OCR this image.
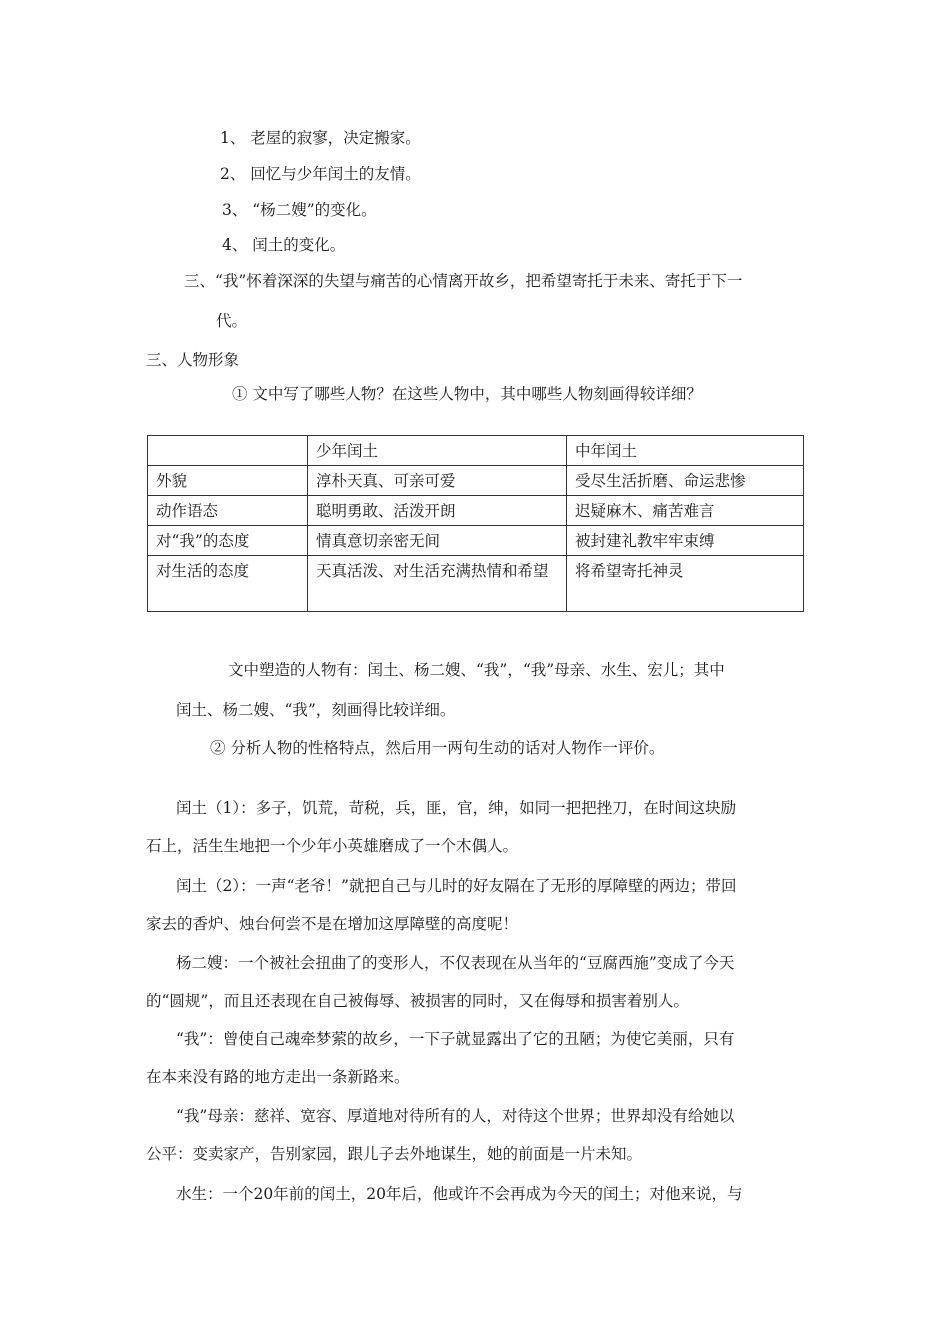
1、 老屋的寂寥，决定搬家。
2、 回忆与少年闰土的友情。
3、 “杨二嫂”的变化。
4、 闰土的变化。
三、“我”怀着深深的失望与痛苦的心情离开故乡，把希望寄托于未来、寄托于下一
代。
三、人物形象
① 文中写了哪些人物？在这些人物中，其中哪些人物刻画得较详细？
	少年闰土	中年闰土
外貌	淳朴天真、可亲可爱	受尽生活折磨、命运悲惨
动作语态	聪明勇敢、活泼开朗	迟疑麻木、痛苦难言
对“我”的态度	情真意切亲密无间	被封建礼教牢牢束缚
对生活的态度	天真活泼、对生活充满热情和希望	将希望寄托神灵
文中塑造的人物有：闰土、杨二嫂、“我”，“我”母亲、水生、宏儿；其中
闰土、杨二嫂、“我”，刻画得比较详细。
② 分析人物的性格特点，然后用一两句生动的话对人物作一评价。
闰土（1）：多子，饥荒，苛税，兵，匪，官，绅，如同一把把挫刀，在时间这块励
石上，活生生地把一个少年小英雄磨成了一个木偶人。
闰土（2）：一声“老爷！”就把自己与儿时的好友隔在了无形的厚障壁的两边；带回
家去的香炉、烛台何尝不是在增加这厚障壁的高度呢！
杨二嫂：一个被社会扭曲了的变形人，不仅表现在从当年的“豆腐西施”变成了今天
的“圆规”，而且还表现在自己被侮辱、被损害的同时，又在侮辱和损害着别人。
“我”：曾使自己魂牵梦萦的故乡，一下子就显露出了它的丑陋；为使它美丽，只有
在本来没有路的地方走出一条新路来。
“我”母亲：慈祥、宽容、厚道地对待所有的人，对待这个世界；世界却没有给她以
公平：变卖家产，告别家园，跟儿子去外地谋生，她的前面是一片未知。
水生：一个20年前的闰土，20年后，他或许不会再成为今天的闰土；对他来说，与
